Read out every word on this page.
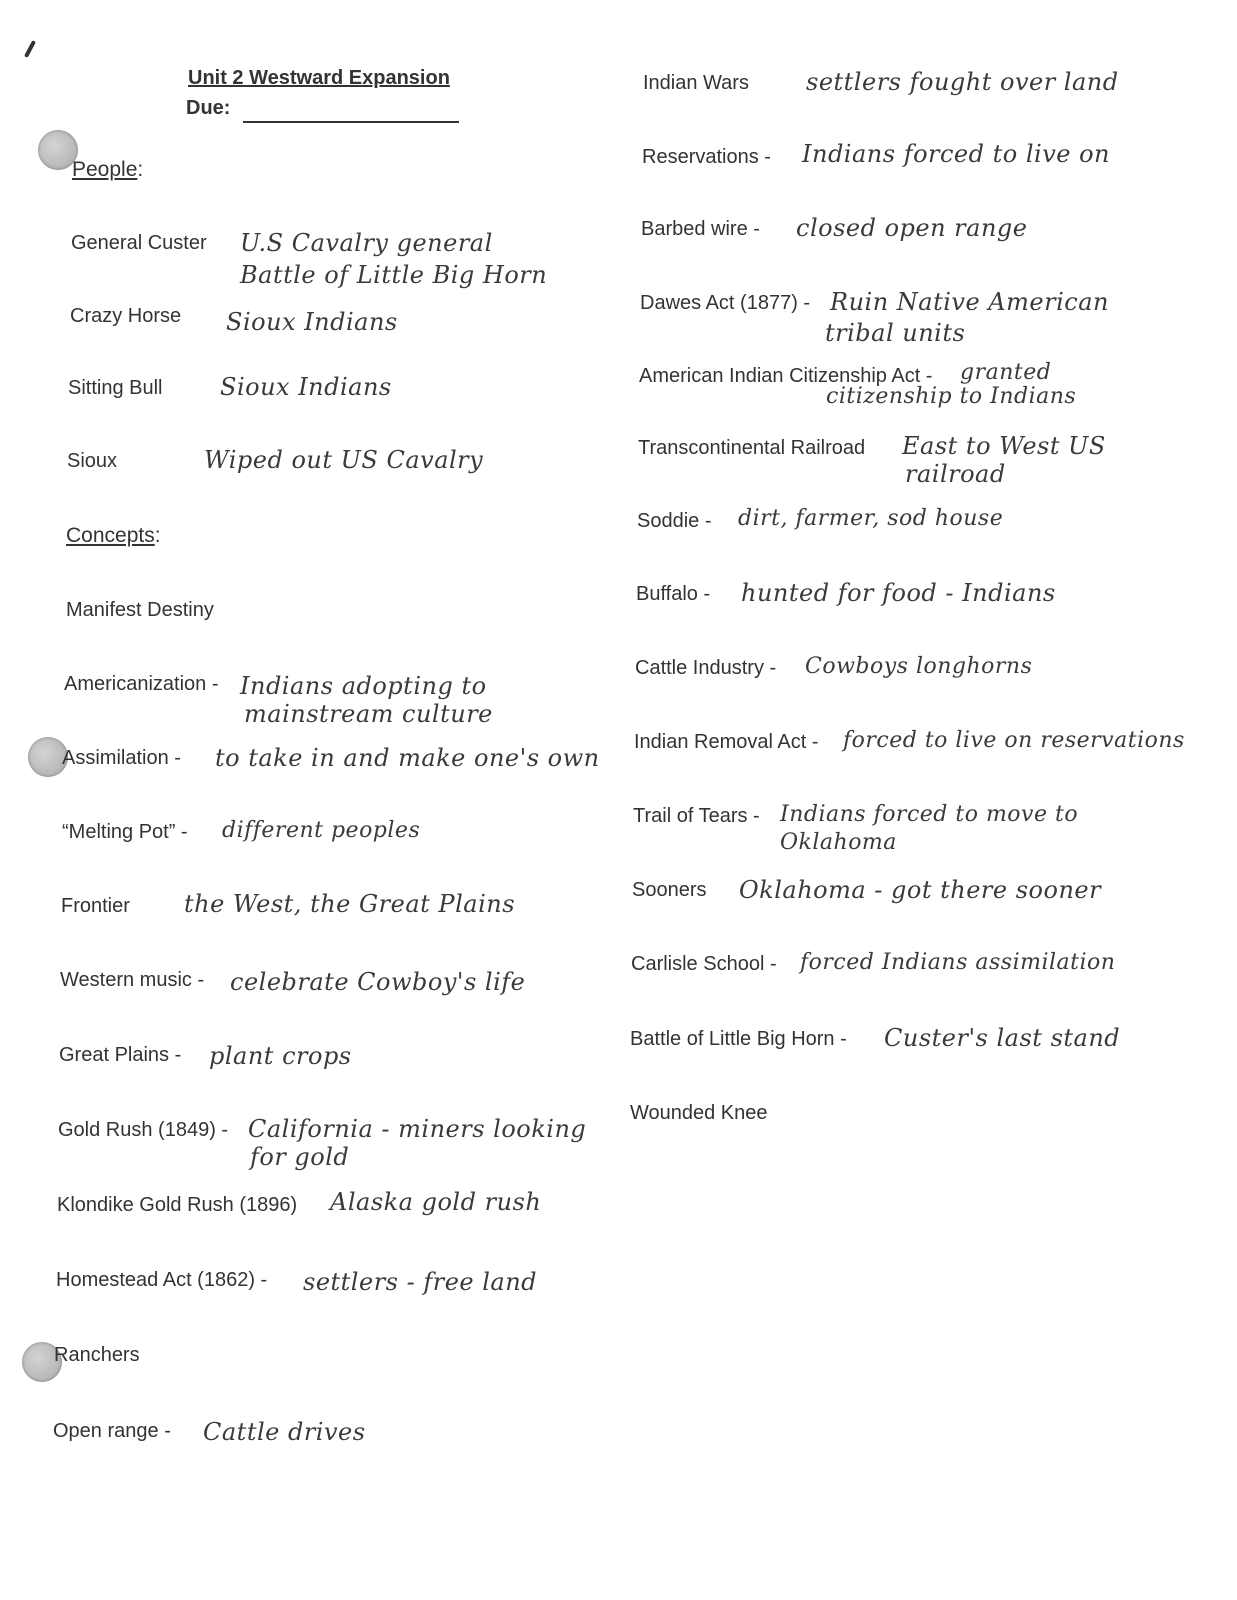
Unit 2 Westward Expansion
Due:
People:
General Custer U.S Cavalry general
Battle of Little Big Horn
Crazy Horse Sioux Indians
Sitting Bull Sioux Indians
Sioux	Wiped out US Cavalry
Concepts:
Manifest Destiny
Americanization - Indians adopting to
mainstream culture
Assimilation - to take in and make one's own
“Melting Pot” - different peoples
Frontier the West, the Great Plains
Western music - celebrate Cowboy's life
Great Plains - plant crops
Gold Rush (1849) - California - miners looking
for gold
Klondike Gold Rush (1896) Alaska gold rush
Homestead Act (1862) - settlers - free land
Ranchers
Open range - Cattle drives
Indian Wars settlers fought over land
Reservations - Indians forced to live on
Barbed wire - closed open range
Dawes Act (1877) - Ruin Native American
tribal units
American Indian Citizenship Act - granted
citizenship to Indians
Transcontinental Railroad East to West US
railroad
Soddie - dirt, farmer, sod house
Buffalo - hunted for food - Indians
Cattle Industry - Cowboys longhorns
Indian Removal Act - forced to live on reservations
Trail of Tears - Indians forced to move to
Oklahoma
Sooners Oklahoma - got there sooner
Carlisle School - forced Indians assimilation
Battle of Little Big Horn - Custer's last stand
Wounded Knee
